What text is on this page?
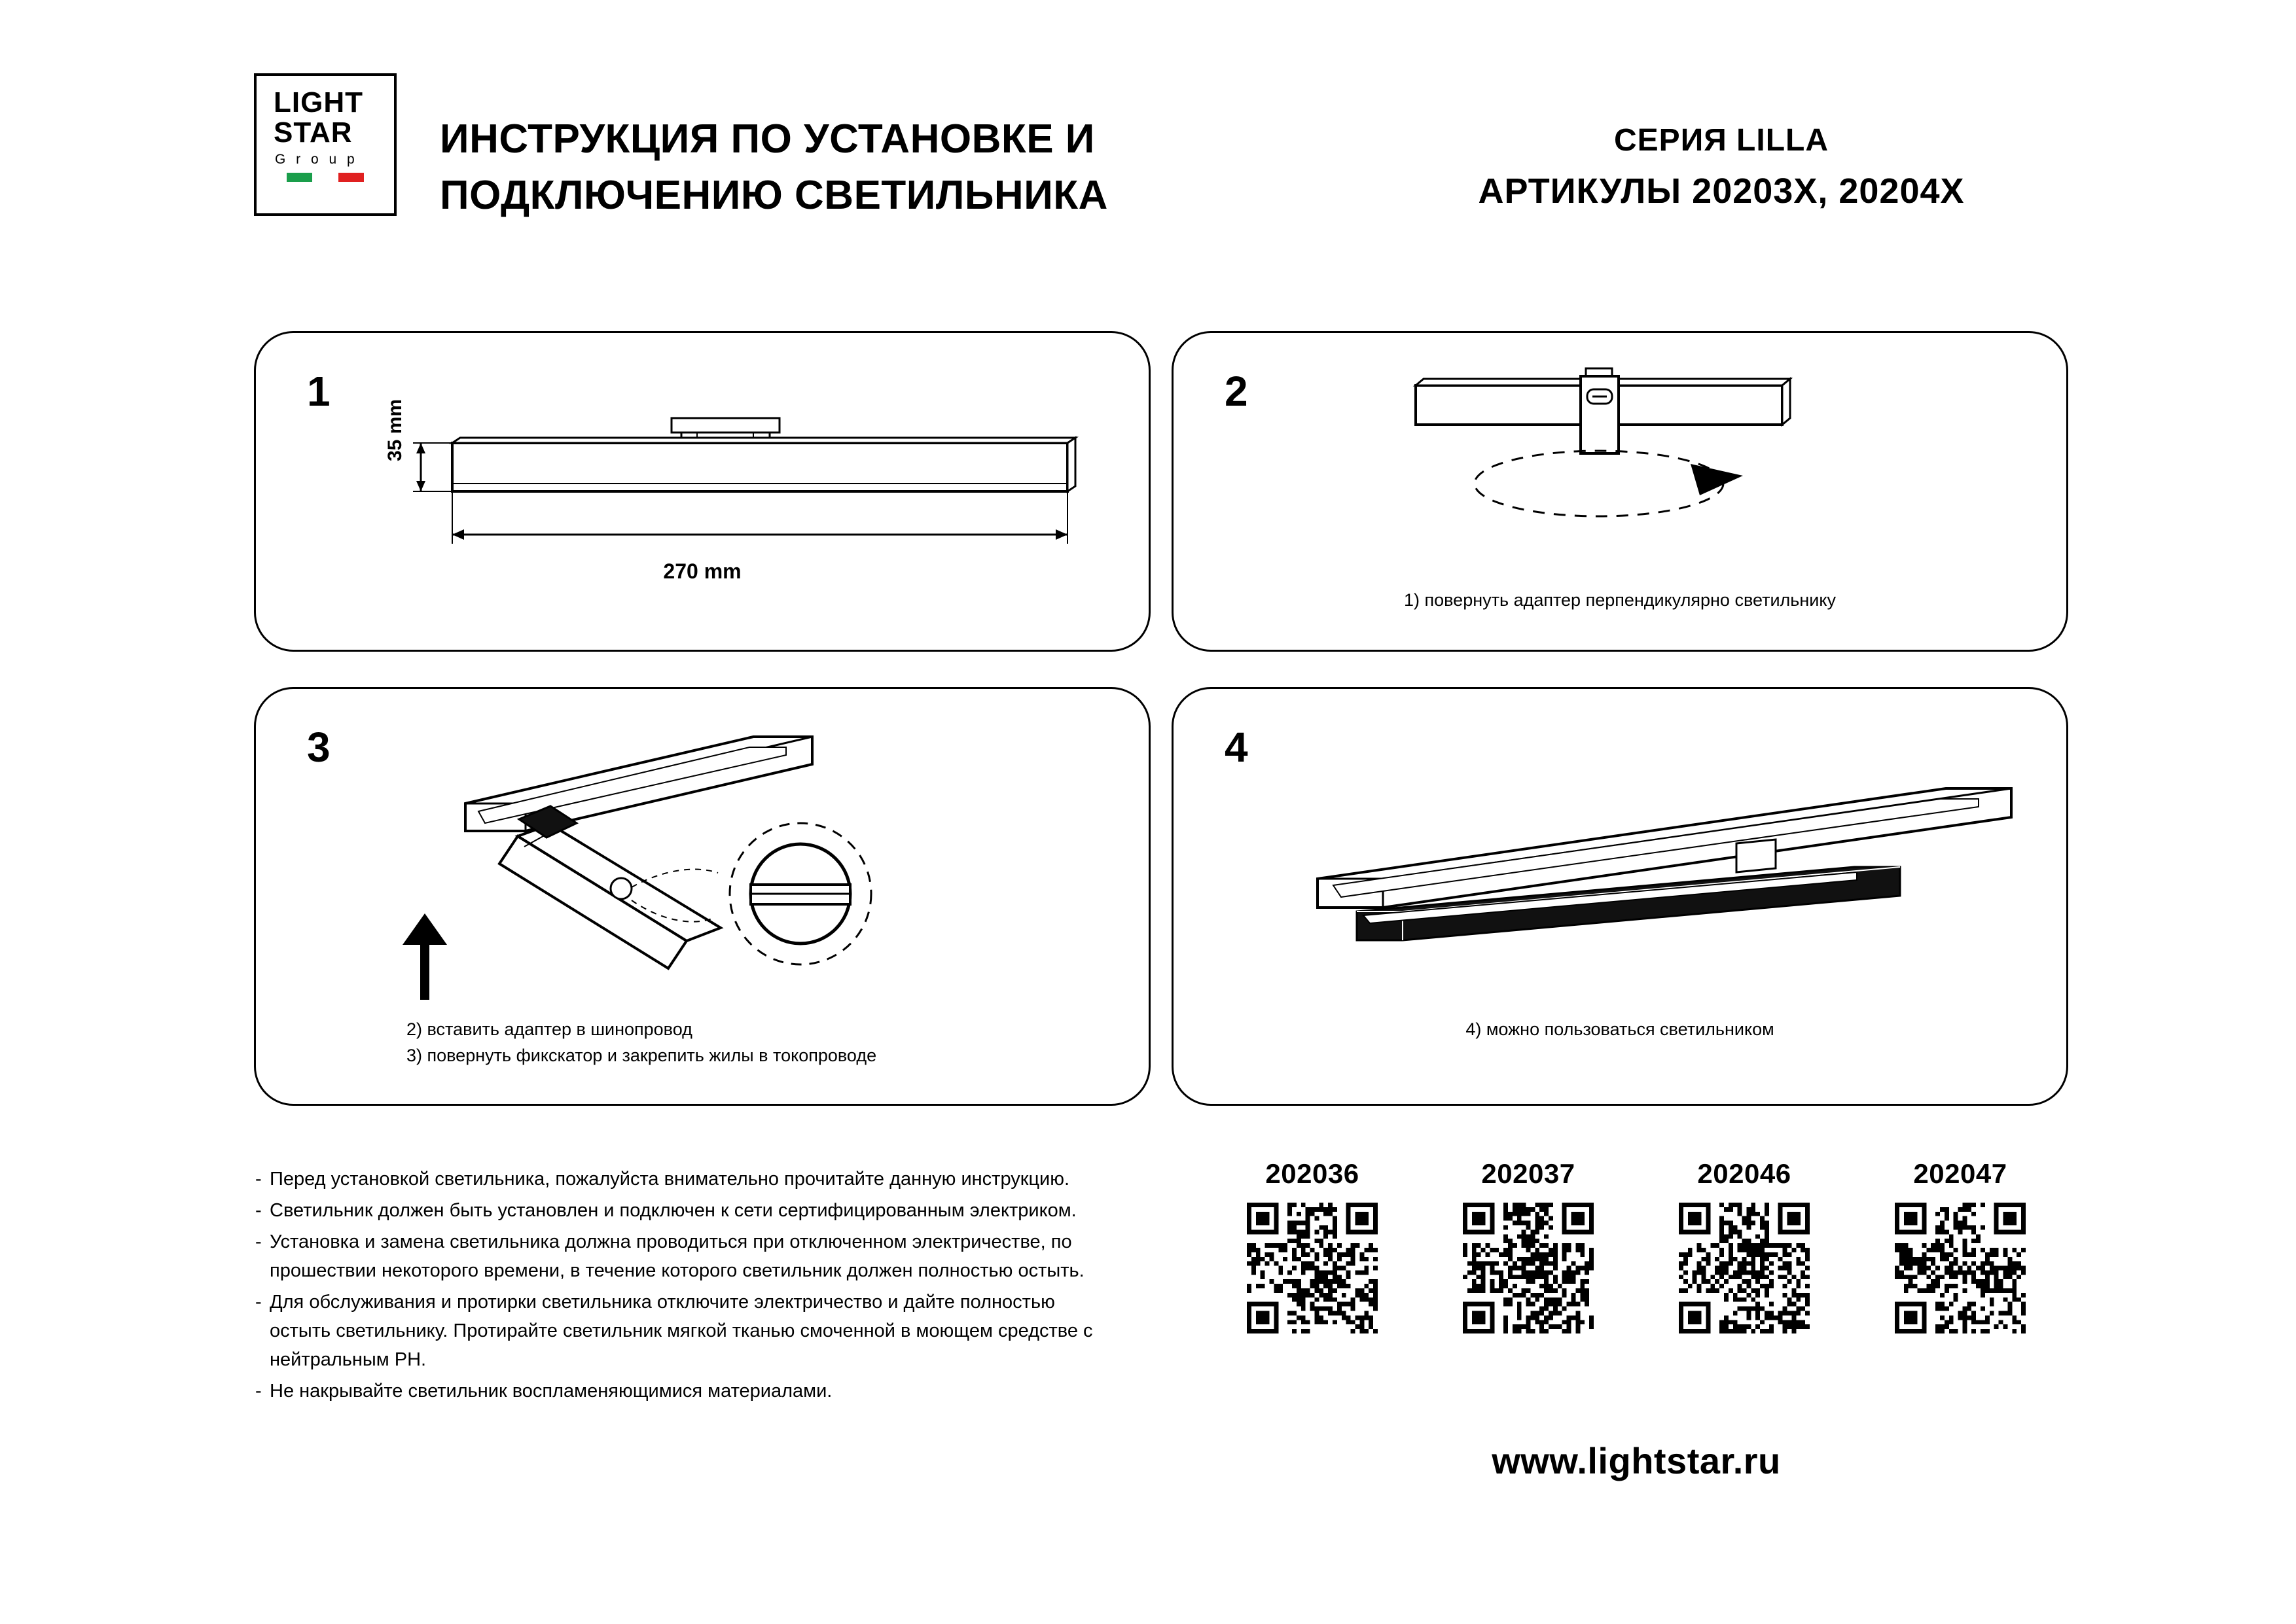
LIGHT
STAR
G r o u p	ИНСТРУКЦИЯ ПО УСТАНОВКЕ И
ПОДКЛЮЧЕНИЮ СВЕТИЛЬНИКА
СЕРИЯ LILLA
АРТИКУЛЫ 20203Х, 20204Х
1
35 mm
270 mm
2
1) повернуть адаптер перпендикулярно светильнику
3
2) вставить адаптер в шинопровод
3) повернуть фикскатор и закрепить жилы в токопроводе
4
4) можно пользоваться светильником
- Перед установкой светильника, пожалуйста внимательно прочитайте данную инструкцию.
- Светильник должен быть установлен и подключен к сети сертифицированным электриком.
- Установка и замена светильника должна проводиться при отключенном электричестве, по прошествии некоторого времени, в течение которого светильник должен полностью остыть.
- Для обслуживания и протирки светильника отключите электричество и дайте полностью остыть светильнику. Протирайте светильник мягкой тканью смоченной в моющем средстве с нейтральным РН.
- Не накрывайте светильник воспламеняющимися материалами.
202036	202037	202046	202047
www.lightstar.ru
